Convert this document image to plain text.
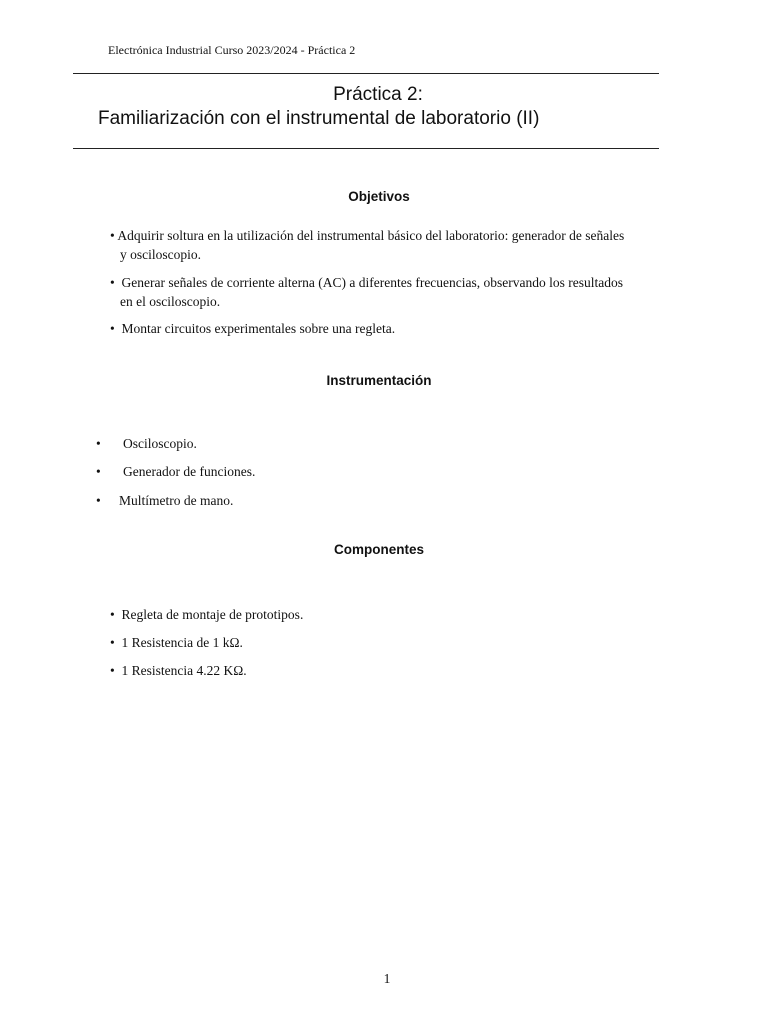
Electrónica Industrial Curso 2023/2024 - Práctica 2
Práctica 2:
Familiarización con el instrumental de laboratorio (II)
Objetivos
• Adquirir soltura en la utilización del instrumental básico del laboratorio: generador de señales
y osciloscopio.
• Generar señales de corriente alterna (AC) a diferentes frecuencias, observando los resultados
en el osciloscopio.
• Montar circuitos experimentales sobre una regleta.
Instrumentación
• Osciloscopio.
• Generador de funciones.
• Multímetro de mano.
Componentes
• Regleta de montaje de prototipos.
• 1 Resistencia de 1 kΩ.
• 1 Resistencia 4.22 KΩ.
1
